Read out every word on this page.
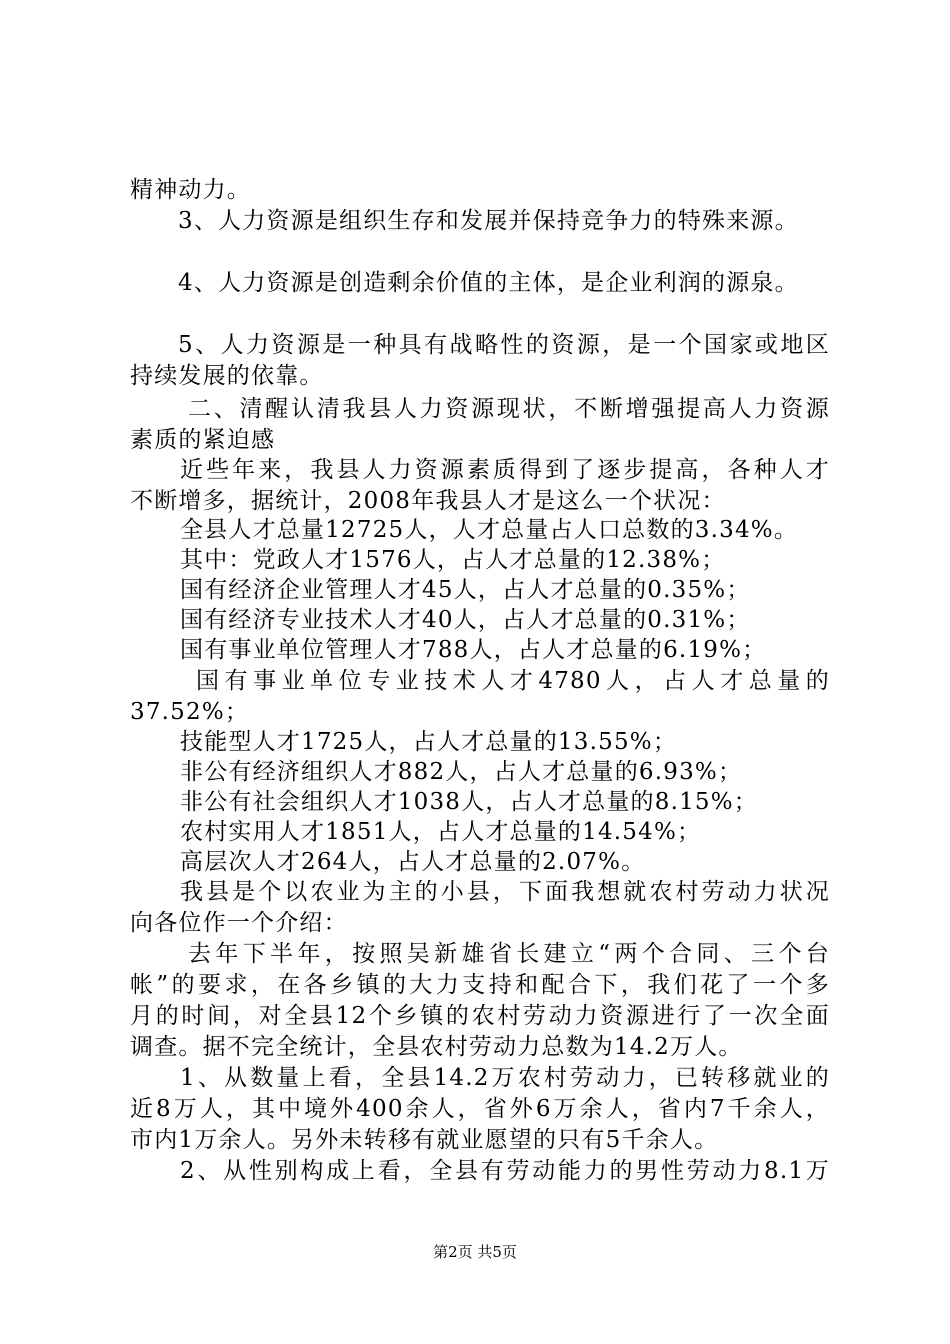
精神动力。
3、人力资源是组织生存和发展并保持竞争力的特殊来源。
4、人力资源是创造剩余价值的主体，是企业利润的源泉。
5、人力资源是一种具有战略性的资源，是一个国家或地区
持续发展的依靠。
二、清醒认清我县人力资源现状，不断增强提高人力资源
素质的紧迫感
近些年来，我县人力资源素质得到了逐步提高，各种人才
不断增多，据统计，2008年我县人才是这么一个状况：
全县人才总量12725人，人才总量占人口总数的3.34%。
其中：党政人才1576人，占人才总量的12.38%；
国有经济企业管理人才45人，占人才总量的0.35%；
国有经济专业技术人才40人，占人才总量的0.31%；
国有事业单位管理人才788人，占人才总量的6.19%；
国有事业单位专业技术人才4780人，占人才总量的
37.52%；
技能型人才1725人，占人才总量的13.55%；
非公有经济组织人才882人，占人才总量的6.93%；
非公有社会组织人才1038人，占人才总量的8.15%；
农村实用人才1851人，占人才总量的14.54%；
高层次人才264人，占人才总量的2.07%。
我县是个以农业为主的小县，下面我想就农村劳动力状况
向各位作一个介绍：
去年下半年，按照吴新雄省长建立“两个合同、三个台
帐”的要求，在各乡镇的大力支持和配合下，我们花了一个多
月的时间，对全县12个乡镇的农村劳动力资源进行了一次全面
调查。据不完全统计，全县农村劳动力总数为14.2万人。
1、从数量上看，全县14.2万农村劳动力，已转移就业的
近8万人，其中境外400余人，省外6万余人，省内7千余人，
市内1万余人。另外未转移有就业愿望的只有5千余人。
2、从性别构成上看，全县有劳动能力的男性劳动力8.1万
第2页 共5页
